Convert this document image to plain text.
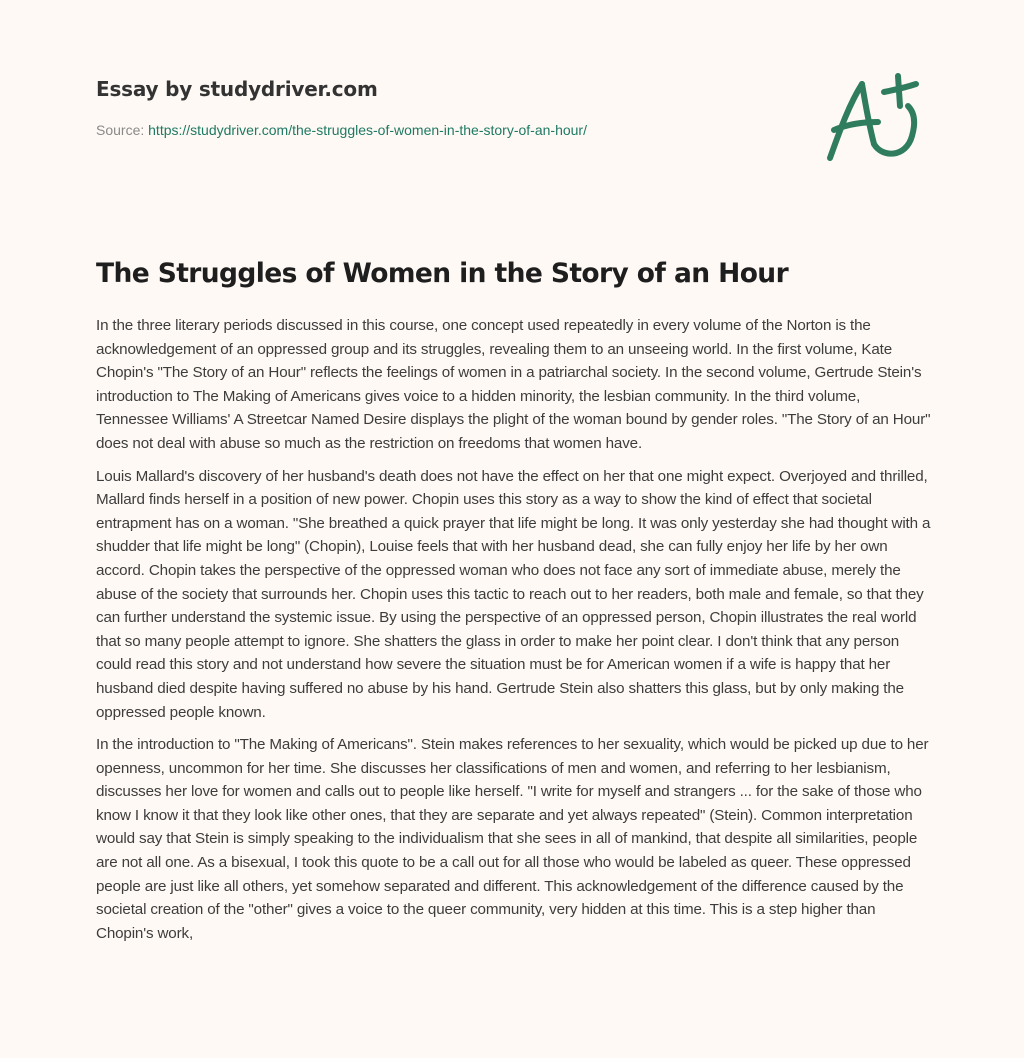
Essay by studydriver.com
Source: https://studydriver.com/the-struggles-of-women-in-the-story-of-an-hour/
The Struggles of Women in the Story of an Hour

In the three literary periods discussed in this course, one concept used repeatedly in every volume of the Norton is the acknowledgement of an oppressed group and its struggles, revealing them to an unseeing world. In the first volume, Kate Chopin's "The Story of an Hour" reflects the feelings of women in a patriarchal society. In the second volume, Gertrude Stein's introduction to The Making of Americans gives voice to a hidden minority, the lesbian community. In the third volume, Tennessee Williams' A Streetcar Named Desire displays the plight of the woman bound by gender roles. "The Story of an Hour" does not deal with abuse so much as the restriction on freedoms that women have.

Louis Mallard's discovery of her husband's death does not have the effect on her that one might expect. Overjoyed and thrilled, Mallard finds herself in a position of new power. Chopin uses this story as a way to show the kind of effect that societal entrapment has on a woman. "She breathed a quick prayer that life might be long. It was only yesterday she had thought with a shudder that life might be long" (Chopin), Louise feels that with her husband dead, she can fully enjoy her life by her own accord. Chopin takes the perspective of the oppressed woman who does not face any sort of immediate abuse, merely the abuse of the society that surrounds her. Chopin uses this tactic to reach out to her readers, both male and female, so that they can further understand the systemic issue. By using the perspective of an oppressed person, Chopin illustrates the real world that so many people attempt to ignore. She shatters the glass in order to make her point clear. I don't think that any person could read this story and not understand how severe the situation must be for American women if a wife is happy that her husband died despite having suffered no abuse by his hand. Gertrude Stein also shatters this glass, but by only making the oppressed people known.

In the introduction to "The Making of Americans". Stein makes references to her sexuality, which would be picked up due to her openness, uncommon for her time. She discusses her classifications of men and women, and referring to her lesbianism, discusses her love for women and calls out to people like herself. "I write for myself and strangers ... for the sake of those who know I know it that they look like other ones, that they are separate and yet always repeated" (Stein). Common interpretation would say that Stein is simply speaking to the individualism that she sees in all of mankind, that despite all similarities, people are not all one. As a bisexual, I took this quote to be a call out for all those who would be labeled as queer. These oppressed people are just like all others, yet somehow separated and different. This acknowledgement of the difference caused by the societal creation of the "other" gives a voice to the queer community, very hidden at this time. This is a step higher than Chopin's work,
